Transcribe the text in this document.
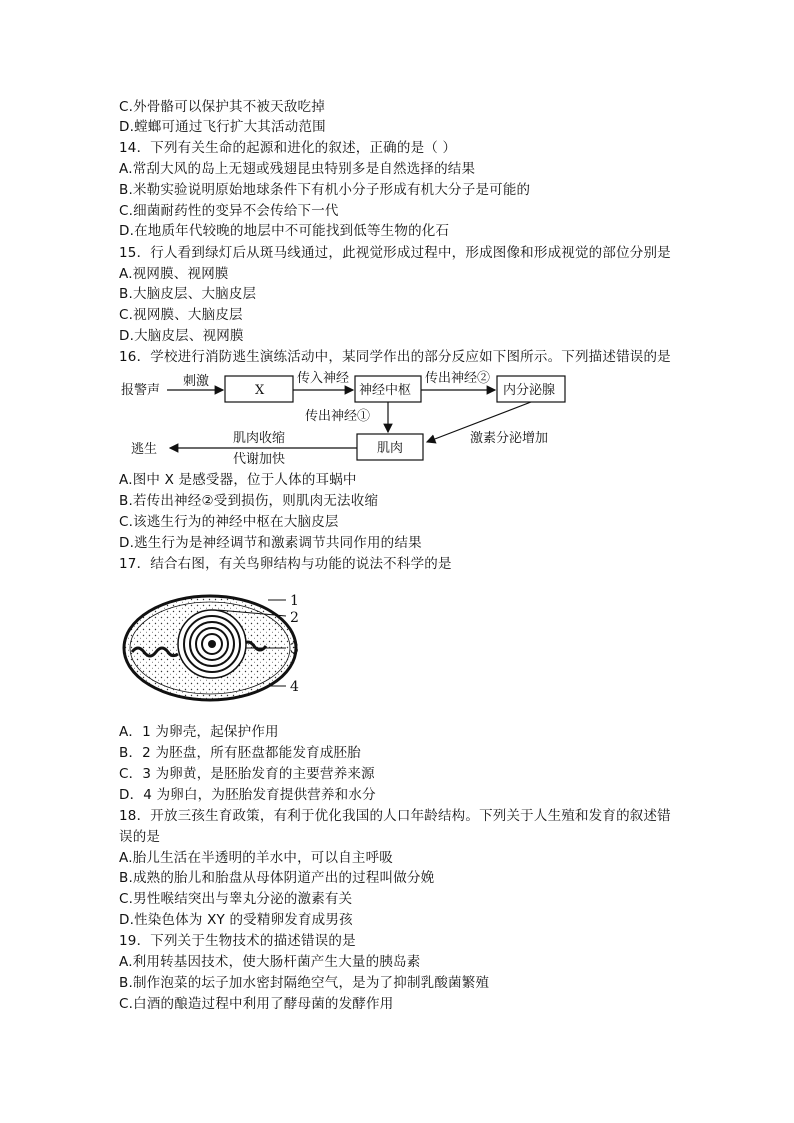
C.外骨骼可以保护其不被天敌吃掉
D.螳螂可通过飞行扩大其活动范围
14．下列有关生命的起源和进化的叙述，正确的是（ ）
A.常刮大风的岛上无翅或残翅昆虫特别多是自然选择的结果
B.米勒实验说明原始地球条件下有机小分子形成有机大分子是可能的
C.细菌耐药性的变异不会传给下一代
D.在地质年代较晚的地层中不可能找到低等生物的化石
15．行人看到绿灯后从斑马线通过，此视觉形成过程中，形成图像和形成视觉的部位分别是
A.视网膜、视网膜
B.大脑皮层、大脑皮层
C.视网膜、大脑皮层
D.大脑皮层、视网膜
16．学校进行消防逃生演练活动中，某同学作出的部分反应如下图所示。下列描述错误的是
报警声
刺激
X
传入神经
神经中枢
传出神经②
内分泌腺
传出神经①
激素分泌增加
肌肉
肌肉收缩
代谢加快
逃生
A.图中 X 是感受器，位于人体的耳蜗中
B.若传出神经②受到损伤，则肌肉无法收缩
C.该逃生行为的神经中枢在大脑皮层
D.逃生行为是神经调节和激素调节共同作用的结果
17．结合右图，有关鸟卵结构与功能的说法不科学的是
1
2
3
4
A．1 为卵壳，起保护作用
B．2 为胚盘，所有胚盘都能发育成胚胎
C．3 为卵黄，是胚胎发育的主要营养来源
D．4 为卵白，为胚胎发育提供营养和水分
18．开放三孩生育政策，有利于优化我国的人口年龄结构。下列关于人生殖和发育的叙述错
误的是
A.胎儿生活在半透明的羊水中，可以自主呼吸
B.成熟的胎儿和胎盘从母体阴道产出的过程叫做分娩
C.男性喉结突出与睾丸分泌的激素有关
D.性染色体为 XY 的受精卵发育成男孩
19．下列关于生物技术的描述错误的是
A.利用转基因技术，使大肠杆菌产生大量的胰岛素
B.制作泡菜的坛子加水密封隔绝空气，是为了抑制乳酸菌繁殖
C.白酒的酿造过程中利用了酵母菌的发酵作用
